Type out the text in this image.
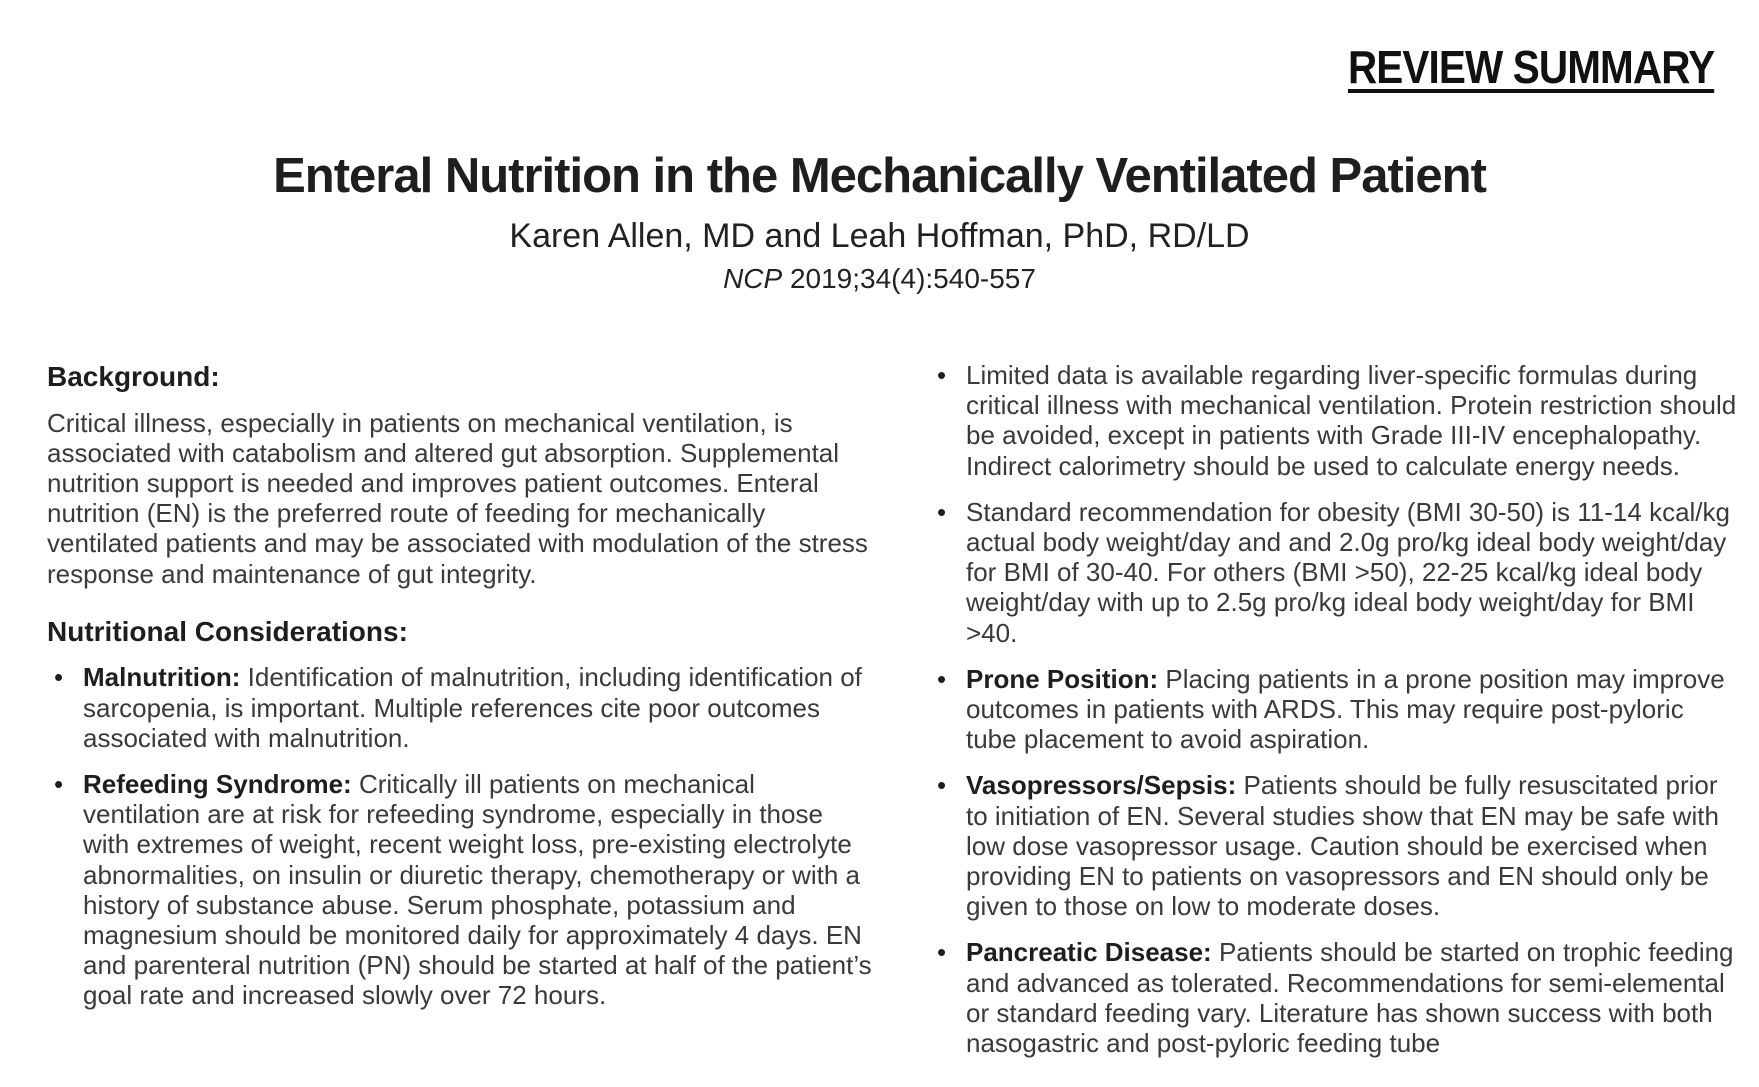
REVIEW SUMMARY
Enteral Nutrition in the Mechanically Ventilated Patient

Karen Allen, MD and Leah Hoffman, PhD, RD/LD

NCP 2019;34(4):540-557

Background:

Critical illness, especially in patients on mechanical ventilation, is associated with catabolism and altered gut absorption. Supplemental nutrition support is needed and improves patient outcomes. Enteral nutrition (EN) is the preferred route of feeding for mechanically ventilated patients and may be associated with modulation of the stress response and maintenance of gut integrity.

Nutritional Considerations:
• Malnutrition: Identification of malnutrition, including identification of sarcopenia, is important. Multiple references cite poor outcomes associated with malnutrition.
• Refeeding Syndrome: Critically ill patients on mechanical ventilation are at risk for refeeding syndrome, especially in those with extremes of weight, recent weight loss, pre-existing electrolyte abnormalities, on insulin or diuretic therapy, chemotherapy or with a history of substance abuse. Serum phosphate, potassium and magnesium should be monitored daily for approximately 4 days. EN and parenteral nutrition (PN) should be started at half of the patient’s goal rate and increased slowly over 72 hours.
• Limited data is available regarding liver-specific formulas during critical illness with mechanical ventilation. Protein restriction should be avoided, except in patients with Grade III-IV encephalopathy. Indirect calorimetry should be used to calculate energy needs.
• Standard recommendation for obesity (BMI 30-50) is 11-14 kcal/kg actual body weight/day and and 2.0g pro/kg ideal body weight/day for BMI of 30-40. For others (BMI >50), 22-25 kcal/kg ideal body weight/day with up to 2.5g pro/kg ideal body weight/day for BMI >40.
• Prone Position: Placing patients in a prone position may improve outcomes in patients with ARDS. This may require post-pyloric tube placement to avoid aspiration.
• Vasopressors/Sepsis: Patients should be fully resuscitated prior to initiation of EN. Several studies show that EN may be safe with low dose vasopressor usage. Caution should be exercised when providing EN to patients on vasopressors and EN should only be given to those on low to moderate doses.
• Pancreatic Disease: Patients should be started on trophic feeding and advanced as tolerated. Recommendations for semi-elemental or standard feeding vary. Literature has shown success with both nasogastric and post-pyloric feeding tube
